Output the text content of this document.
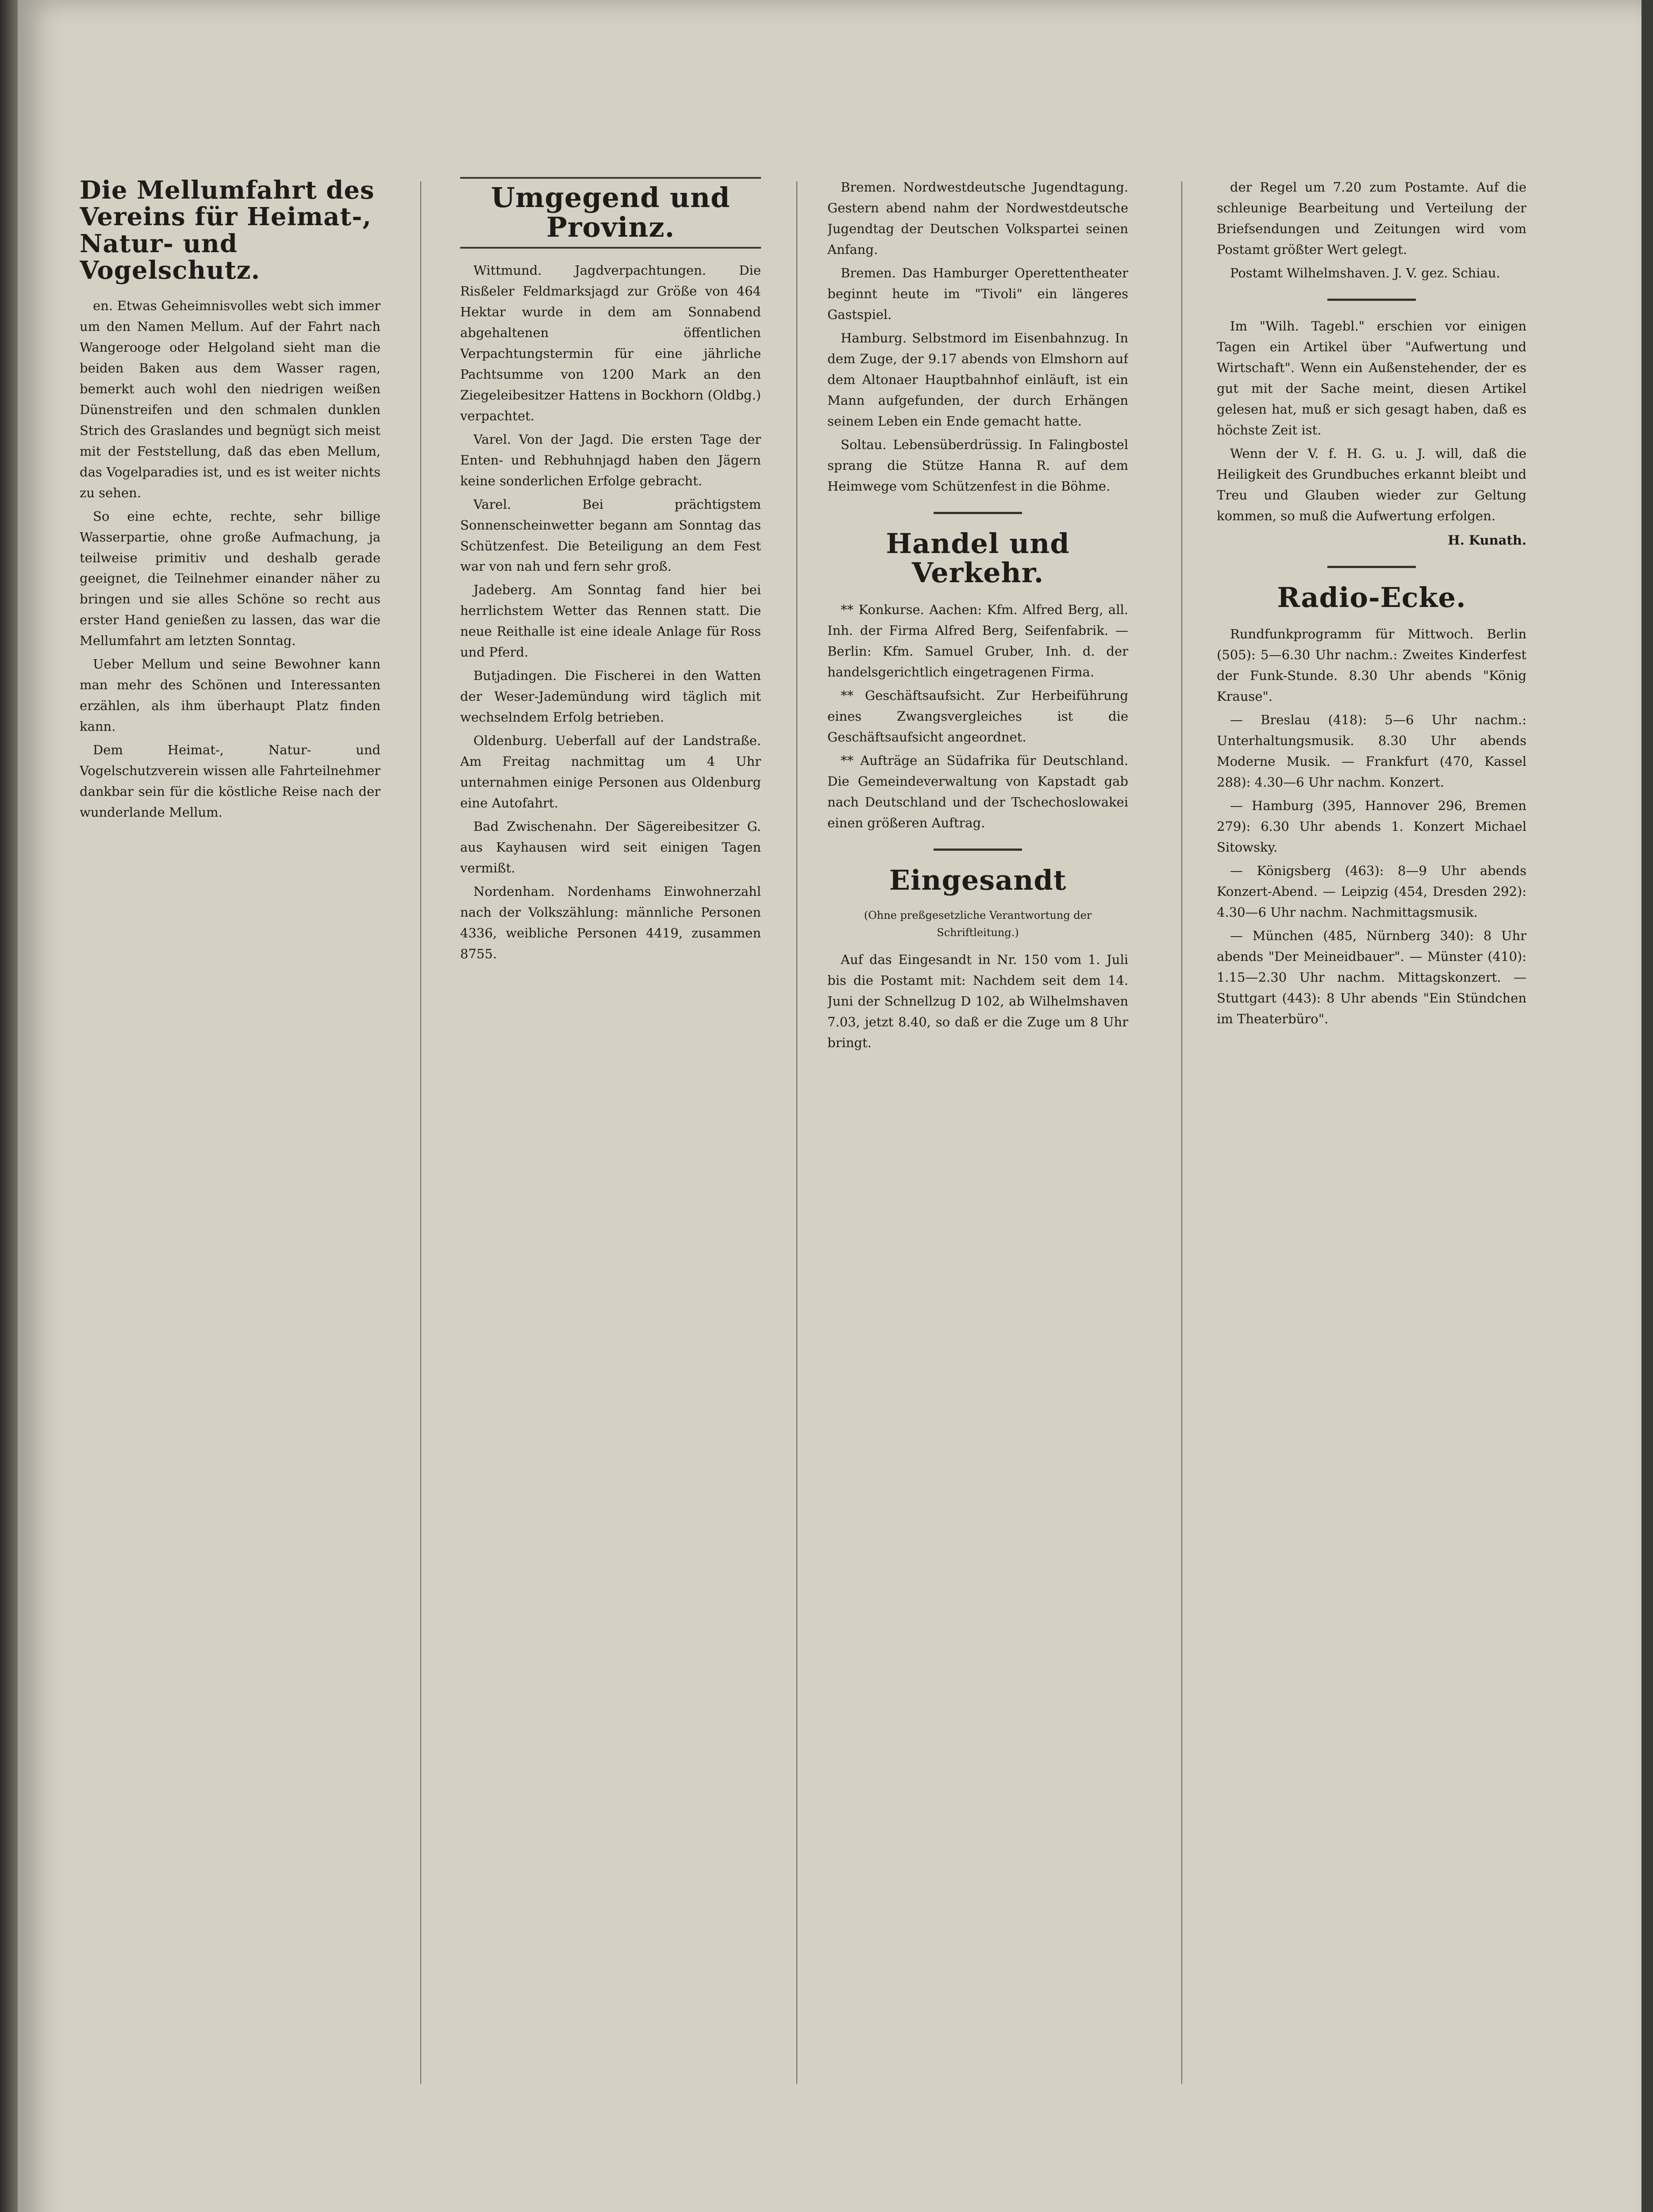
Die Mellumfahrt des Vereins für Heimat-, Natur- und Vogelschutz.

en. Etwas Geheimnisvolles webt sich immer um den Namen Mellum. Auf der Fahrt nach Wangerooge oder Helgoland sieht man die beiden Baken aus dem Wasser ragen, bemerkt auch wohl den niedrigen weißen Dünenstreifen und den schmalen dunklen Strich des Graslandes und begnügt sich meist mit der Feststellung, daß das eben Mellum, das Vogelparadies ist, und es ist weiter nichts zu sehen.

So eine echte, rechte, sehr billige Wasserpartie, ohne große Aufmachung, ja teilweise primitiv und deshalb gerade geeignet, die Teilnehmer einander näher zu bringen und sie alles Schöne so recht aus erster Hand genießen zu lassen, das war die Mellumfahrt am letzten Sonntag.

Ueber Mellum und seine Bewohner kann man mehr des Schönen und Interessanten erzählen, als ihm überhaupt Platz finden kann.

Dem Heimat-, Natur- und Vogelschutzverein wissen alle Fahrteilnehmer dankbar sein für die köstliche Reise nach der wunderlande Mellum.

Umgegend und Provinz.

Wittmund. Jagdverpachtungen. Die Risßeler Feldmarksjagd zur Größe von 464 Hektar wurde in dem am Sonnabend abgehaltenen öffentlichen Verpachtungstermin für eine jährliche Pachtsumme von 1200 Mark an den Ziegeleibesitzer Hattens in Bockhorn (Oldbg.) verpachtet.

Varel. Von der Jagd. Die ersten Tage der Enten- und Rebhuhnjagd haben den Jägern keine sonderlichen Erfolge gebracht.

Varel. Bei prächtigstem Sonnenscheinwetter begann am Sonntag das Schützenfest. Die Beteiligung an dem Fest war von nah und fern sehr groß.

Jadeberg. Am Sonntag fand hier bei herrlichstem Wetter das Rennen statt. Die neue Reithalle ist eine ideale Anlage für Ross und Pferd.

Butjadingen. Die Fischerei in den Watten der Weser-Jademündung wird täglich mit wechselndem Erfolg betrieben.

Oldenburg. Ueberfall auf der Landstraße. Am Freitag nachmittag um 4 Uhr unternahmen einige Personen aus Oldenburg eine Autofahrt.

Bad Zwischenahn. Der Sägereibesitzer G. aus Kayhausen wird seit einigen Tagen vermißt.

Nordenham. Nordenhams Einwohnerzahl nach der Volkszählung: männliche Personen 4336, weibliche Personen 4419, zusammen 8755.

Bremen. Nordwestdeutsche Jugendtagung. Gestern abend nahm der Nordwestdeutsche Jugendtag der Deutschen Volkspartei seinen Anfang.

Bremen. Das Hamburger Operettentheater beginnt heute im "Tivoli" ein längeres Gastspiel.

Hamburg. Selbstmord im Eisenbahnzug. In dem Zuge, der 9.17 abends von Elmshorn auf dem Altonaer Hauptbahnhof einläuft, ist ein Mann aufgefunden, der durch Erhängen seinem Leben ein Ende gemacht hatte.

Soltau. Lebensüberdrüssig. In Falingbostel sprang die Stütze Hanna R. auf dem Heimwege vom Schützenfest in die Böhme.

Handel und Verkehr.

** Konkurse. Aachen: Kfm. Alfred Berg, all. Inh. der Firma Alfred Berg, Seifenfabrik. — Berlin: Kfm. Samuel Gruber, Inh. d. der handelsgerichtlich eingetragenen Firma.

** Geschäftsaufsicht. Zur Herbeiführung eines Zwangsvergleiches ist die Geschäftsaufsicht angeordnet.

** Aufträge an Südafrika für Deutschland. Die Gemeindeverwaltung von Kapstadt gab nach Deutschland und der Tschechoslowakei einen größeren Auftrag.

Eingesandt
(Ohne preßgesetzliche Verantwortung der Schriftleitung.)

Auf das Eingesandt in Nr. 150 vom 1. Juli bis die Postamt mit: Nachdem seit dem 14. Juni der Schnellzug D 102, ab Wilhelmshaven 7.03, jetzt 8.40, so daß er die Zuge um 8 Uhr bringt.

der Regel um 7.20 zum Postamte. Auf die schleunige Bearbeitung und Verteilung der Briefsendungen und Zeitungen wird vom Postamt größter Wert gelegt.

Postamt Wilhelmshaven. J. V. gez. Schiau.

Im "Wilh. Tagebl." erschien vor einigen Tagen ein Artikel über "Aufwertung und Wirtschaft". Wenn ein Außenstehender, der es gut mit der Sache meint, diesen Artikel gelesen hat, muß er sich gesagt haben, daß es höchste Zeit ist.

Wenn der V. f. H. G. u. J. will, daß die Heiligkeit des Grundbuches erkannt bleibt und Treu und Glauben wieder zur Geltung kommen, so muß die Aufwertung erfolgen.

H. Kunath.
Radio-Ecke.

Rundfunkprogramm für Mittwoch. Berlin (505): 5—6.30 Uhr nachm.: Zweites Kinderfest der Funk-Stunde. 8.30 Uhr abends "König Krause".

— Breslau (418): 5—6 Uhr nachm.: Unterhaltungsmusik. 8.30 Uhr abends Moderne Musik. — Frankfurt (470, Kassel 288): 4.30—6 Uhr nachm. Konzert.

— Hamburg (395, Hannover 296, Bremen 279): 6.30 Uhr abends 1. Konzert Michael Sitowsky.

— Königsberg (463): 8—9 Uhr abends Konzert-Abend. — Leipzig (454, Dresden 292): 4.30—6 Uhr nachm. Nachmittagsmusik.

— München (485, Nürnberg 340): 8 Uhr abends "Der Meineidbauer". — Münster (410): 1.15—2.30 Uhr nachm. Mittagskonzert. — Stuttgart (443): 8 Uhr abends "Ein Stündchen im Theaterbüro".
